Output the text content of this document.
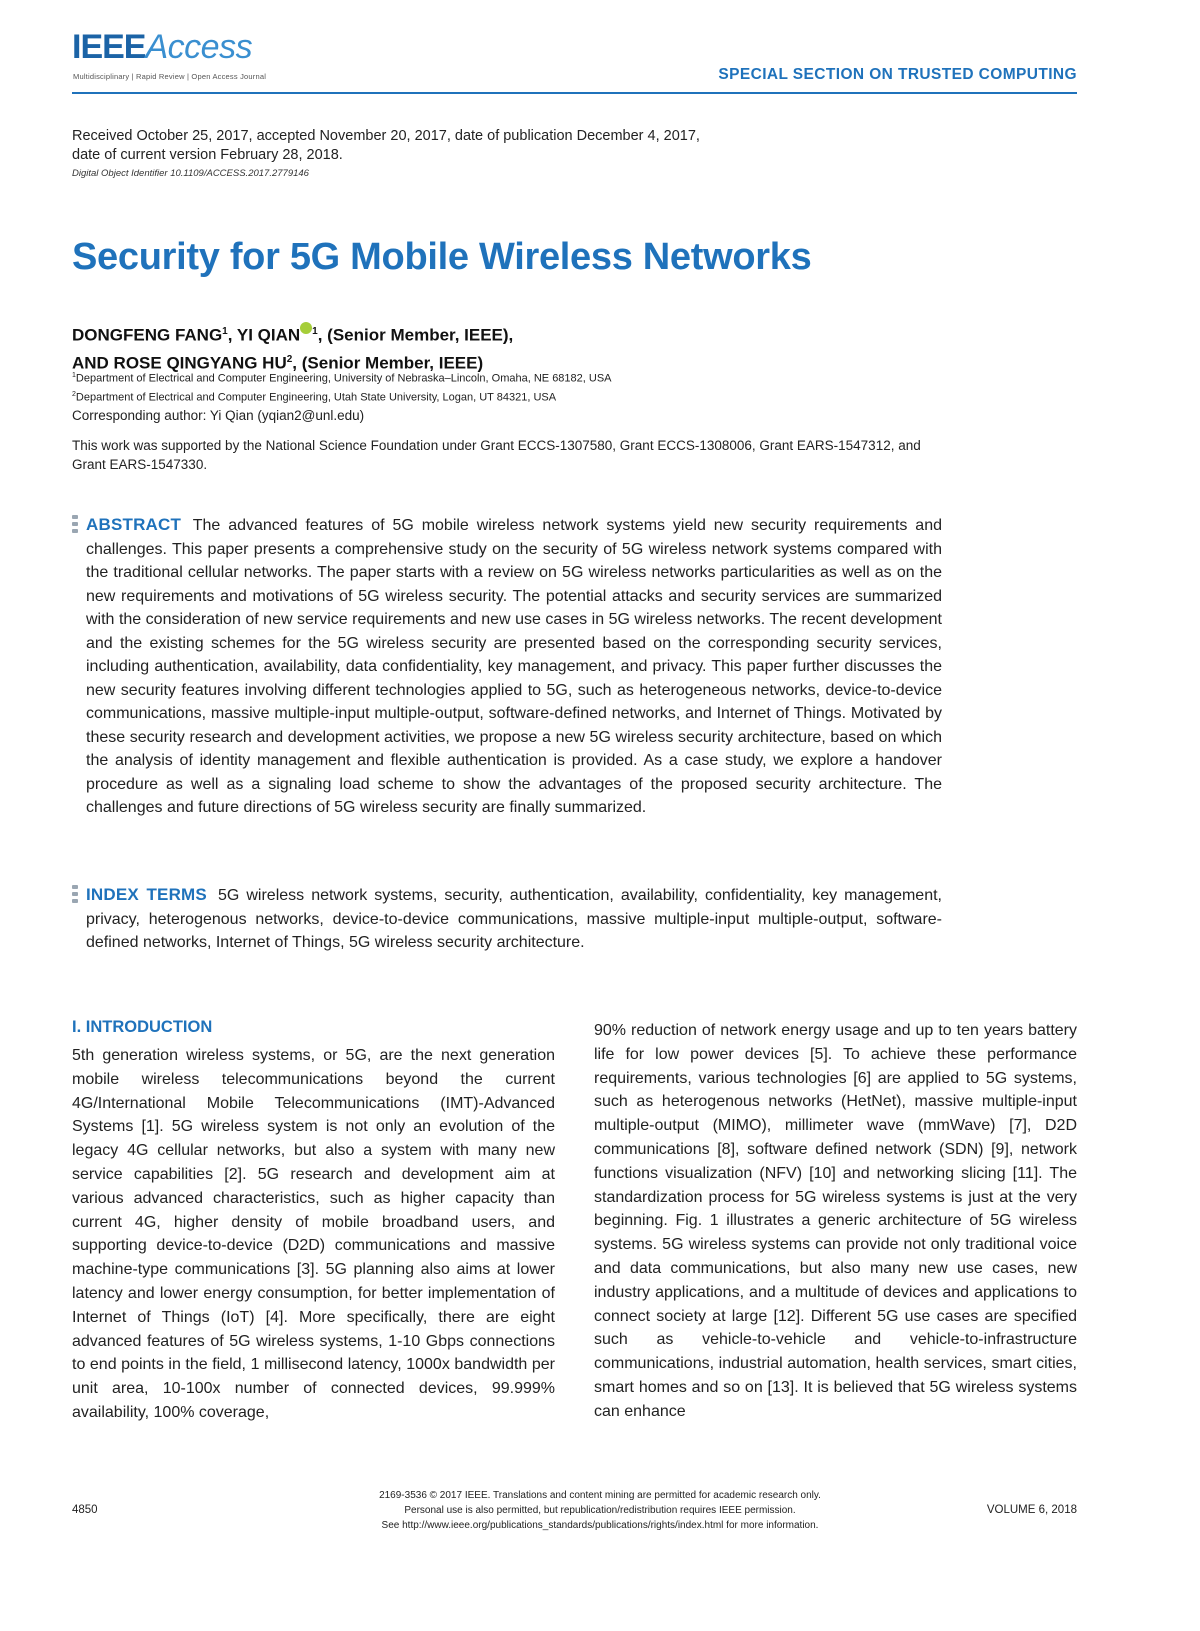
IEEEAccess
Multidisciplinary | Rapid Review | Open Access Journal	SPECIAL SECTION ON TRUSTED COMPUTING
Received October 25, 2017, accepted November 20, 2017, date of publication December 4, 2017,
date of current version February 28, 2018.
Digital Object Identifier 10.1109/ACCESS.2017.2779146
Security for 5G Mobile Wireless Networks
DONGFENG FANG$^1$, YI QIAN $^1$, (Senior Member, IEEE),
AND ROSE QINGYANG $HU^2$, (Senior Member, IEEE)
$^1$Department of Electrical and Computer Engineering, University of Nebraska–Lincoln, Omaha, NE 68182, USA
$^2$Department of Electrical and Computer Engineering, Utah State University, Logan, UT 84321, USA
Corresponding author: Yi Qian (yqian2@unl.edu)
This work was supported by the National Science Foundation under Grant ECCS-1307580, Grant ECCS-1308006, Grant EARS-1547312, and Grant EARS-1547330.
ABSTRACT The advanced features of 5G mobile wireless network systems yield new security requirements and challenges. This paper presents a comprehensive study on the security of 5G wireless network systems compared with the traditional cellular networks. The paper starts with a review on 5G wireless networks particularities as well as on the new requirements and motivations of 5G wireless security. The potential attacks and security services are summarized with the consideration of new service requirements and new use cases in 5G wireless networks. The recent development and the existing schemes for the 5G wireless security are presented based on the corresponding security services, including authentication, availability, data confidentiality, key management, and privacy. This paper further discusses the new security features involving different technologies applied to 5G, such as heterogeneous networks, device-to-device communications, massive multiple-input multiple-output, software-defined networks, and Internet of Things. Motivated by these security research and development activities, we propose a new 5G wireless security architecture, based on which the analysis of identity management and flexible authentication is provided. As a case study, we explore a handover procedure as well as a signaling load scheme to show the advantages of the proposed security architecture. The challenges and future directions of 5G wireless security are finally summarized.
INDEX TERMS 5G wireless network systems, security, authentication, availability, confidentiality, key management, privacy, heterogenous networks, device-to-device communications, massive multiple-input multiple-output, software-defined networks, Internet of Things, 5G wireless security architecture.
I. INTRODUCTION
5th generation wireless systems, or 5G, are the next generation mobile wireless telecommunications beyond the current 4G/International Mobile Telecommunications (IMT)-Advanced Systems [1]. 5G wireless system is not only an evolution of the legacy 4G cellular networks, but also a system with many new service capabilities [2]. 5G research and development aim at various advanced characteristics, such as higher capacity than current 4G, higher density of mobile broadband users, and supporting device-to-device (D2D) communications and massive machine-type communications [3]. 5G planning also aims at lower latency and lower energy consumption, for better implementation of Internet of Things (IoT) [4]. More specifically, there are eight advanced features of 5G wireless systems, 1-10 Gbps connections to end points in the field, 1 millisecond latency, 1000x bandwidth per unit area, 10-100x number of connected devices, 99.999% availability, 100% coverage,
90% reduction of network energy usage and up to ten years battery life for low power devices [5]. To achieve these performance requirements, various technologies [6] are applied to 5G systems, such as heterogenous networks (HetNet), massive multiple-input multiple-output (MIMO), millimeter wave (mmWave) [7], D2D communications [8], software defined network (SDN) [9], network functions visualization (NFV) [10] and networking slicing [11]. The standardization process for 5G wireless systems is just at the very beginning. Fig. 1 illustrates a generic architecture of 5G wireless systems. 5G wireless systems can provide not only traditional voice and data communications, but also many new use cases, new industry applications, and a multitude of devices and applications to connect society at large [12]. Different 5G use cases are specified such as vehicle-to-vehicle and vehicle-to-infrastructure communications, industrial automation, health services, smart cities, smart homes and so on [13]. It is believed that 5G wireless systems can enhance
2169-3536 © 2017 IEEE. Translations and content mining are permitted for academic research only.
Personal use is also permitted, but republication/redistribution requires IEEE permission.
See http://www.ieee.org/publications_standards/publications/rights/index.html for more information.
4850	VOLUME 6, 2018
